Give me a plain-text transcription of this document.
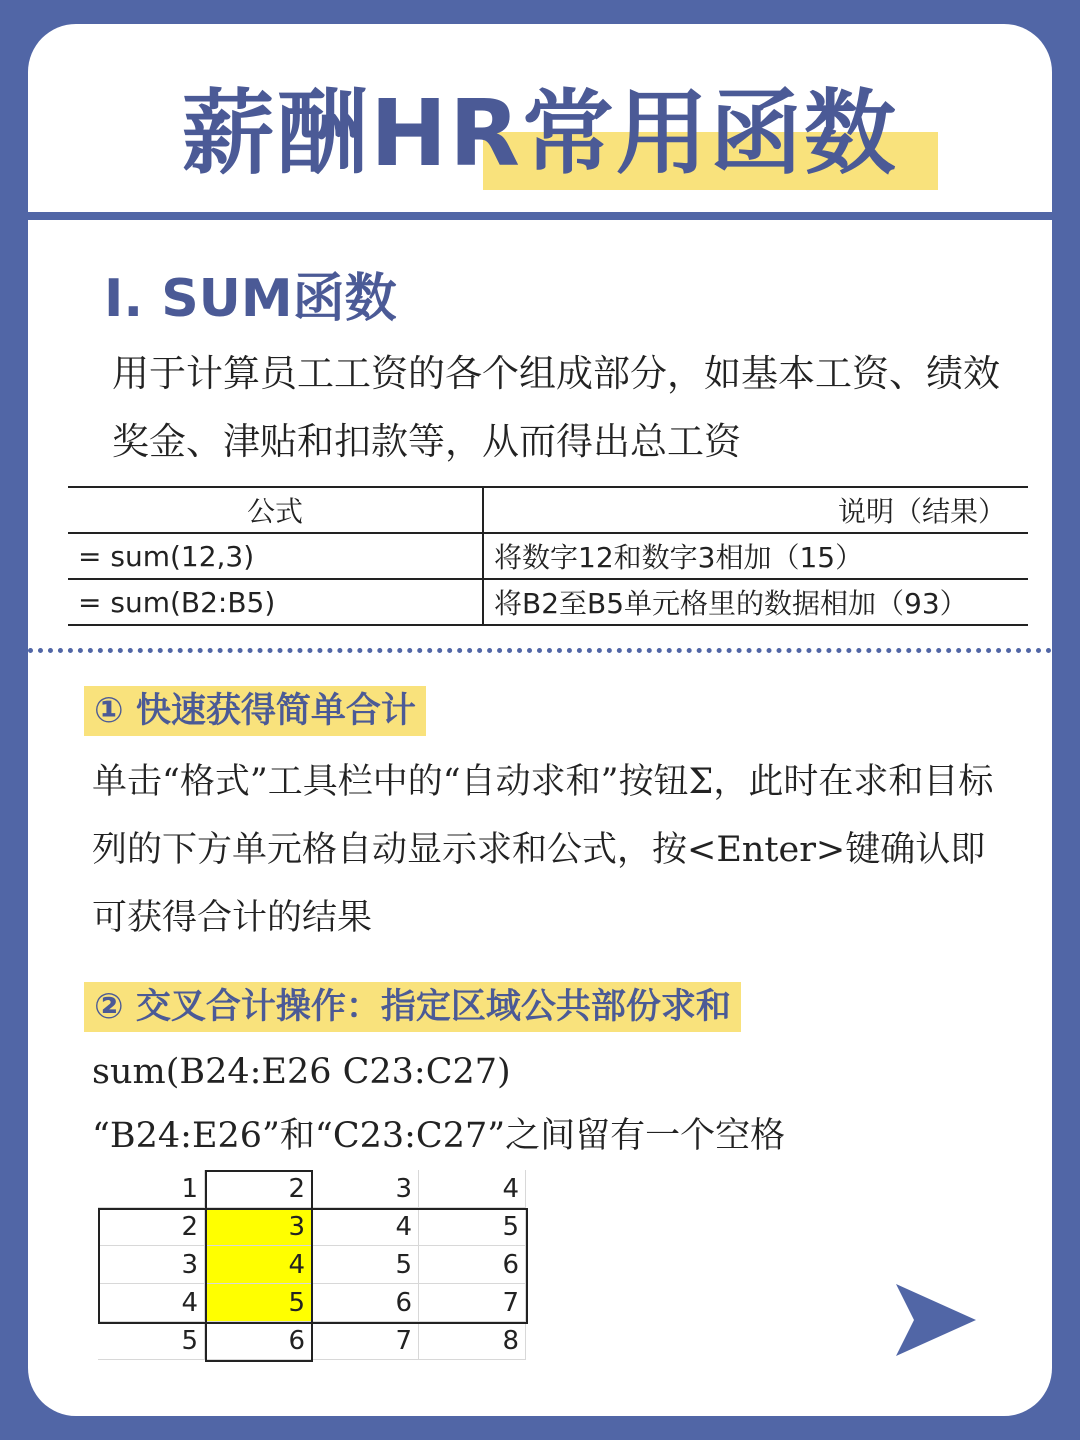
薪酬HR常用函数
I. SUM函数
用于计算员工工资的各个组成部分，如基本工资、绩效奖金、津贴和扣款等，从而得出总工资
公式	说明（结果）
= sum(12,3)	将数字12和数字3相加（15）
= sum(B2:B5)	将B2至B5单元格里的数据相加（93）
① 快速获得简单合计
单击“格式”工具栏中的“自动求和”按钮Σ，此时在求和目标列的下方单元格自动显示求和公式，按<Enter>键确认即可获得合计的结果
② 交叉合计操作：指定区域公共部份求和
sum(B24:E26 C23:C27)
“B24:E26”和“C23:C27”之间留有一个空格
1	2	3	4
2	3	4	5
3	4	5	6
4	5	6	7
5	6	7	8
